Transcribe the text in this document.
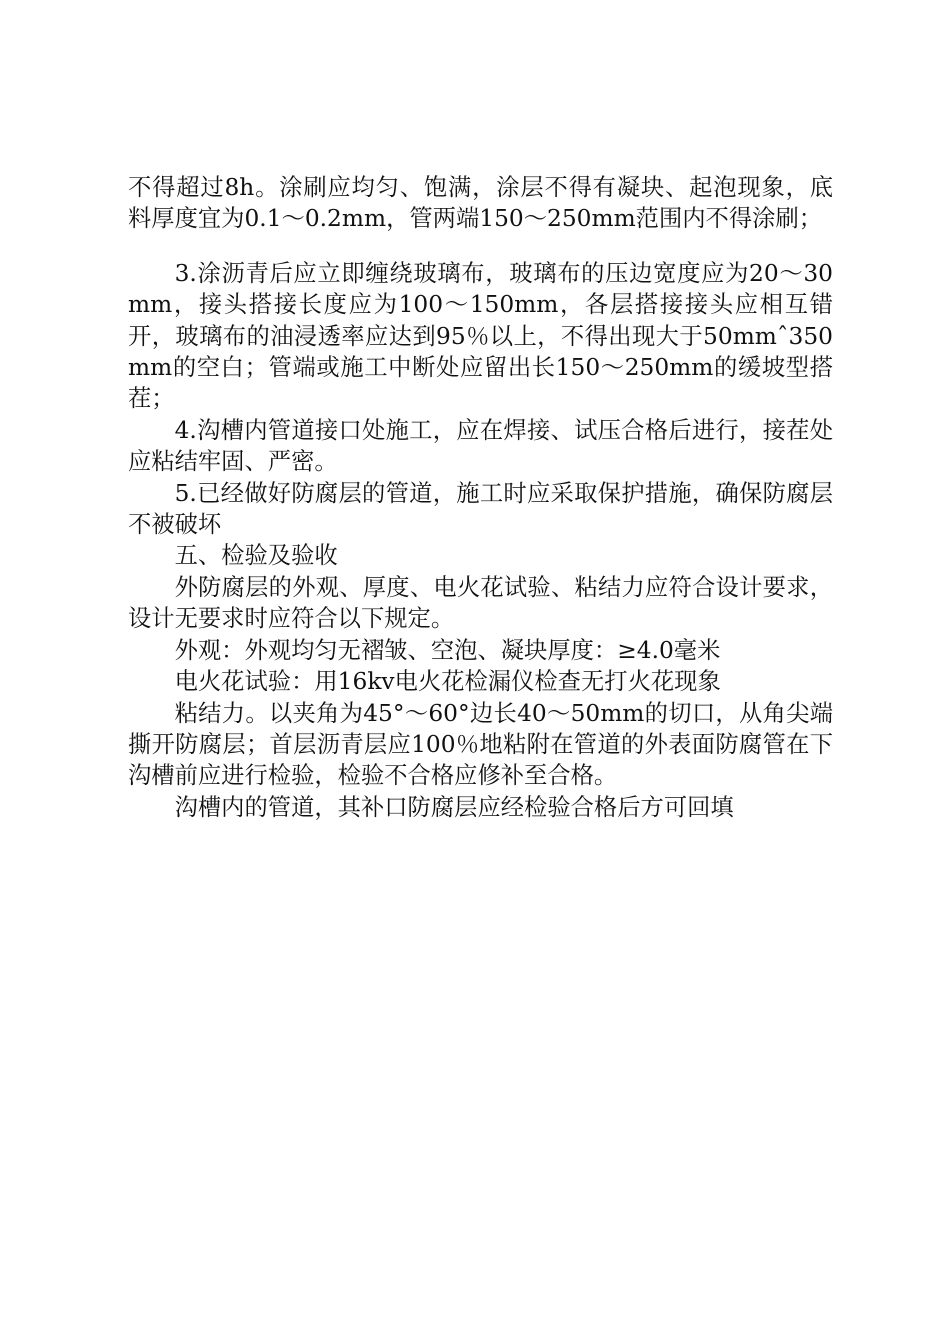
不得超过8h。涂刷应均匀、饱满，涂层不得有凝块、起泡现象，底料厚度宜为0.1～0.2mm，管两端150～250mm范围内不得涂刷；

3.涂沥青后应立即缠绕玻璃布，玻璃布的压边宽度应为20～30mm，接头搭接长度应为100～150mm，各层搭接接头应相互错开，玻璃布的油浸透率应达到95％以上，不得出现大于50mmˆ350mm的空白；管端或施工中断处应留出长150～250mm的缓坡型搭茬；

4.沟槽内管道接口处施工，应在焊接、试压合格后进行，接茬处应粘结牢固、严密。

5.已经做好防腐层的管道，施工时应采取保护措施，确保防腐层不被破坏

五、检验及验收

外防腐层的外观、厚度、电火花试验、粘结力应符合设计要求，设计无要求时应符合以下规定。

外观：外观均匀无褶皱、空泡、凝块厚度：≥4.0毫米

电火花试验：用16kv电火花检漏仪检查无打火花现象

粘结力。以夹角为45°～60°边长40～50mm的切口，从角尖端撕开防腐层；首层沥青层应100％地粘附在管道的外表面防腐管在下沟槽前应进行检验，检验不合格应修补至合格。

沟槽内的管道，其补口防腐层应经检验合格后方可回填
